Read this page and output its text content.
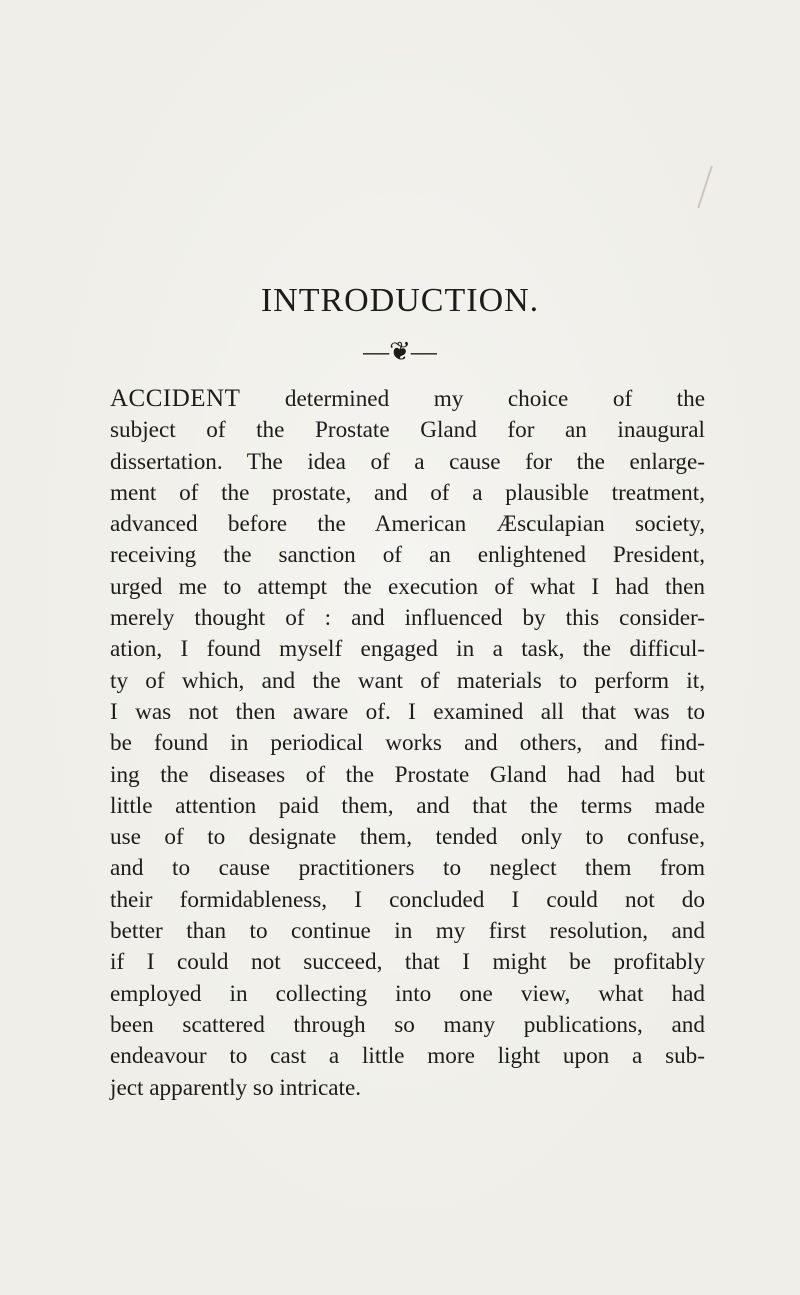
INTRODUCTION.
—❦—

ACCIDENT determined my choice of the
subject of the Prostate Gland for an inaugural
dissertation. The idea of a cause for the enlarge-
ment of the prostate, and of a plausible treatment,
advanced before the American Æsculapian society,
receiving the sanction of an enlightened President,
urged me to attempt the execution of what I had then
merely thought of : and influenced by this consider-
ation, I found myself engaged in a task, the difficul-
ty of which, and the want of materials to perform it,
I was not then aware of. I examined all that was to
be found in periodical works and others, and find-
ing the diseases of the Prostate Gland had had but
little attention paid them, and that the terms made
use of to designate them, tended only to confuse,
and to cause practitioners to neglect them from
their formidableness, I concluded I could not do
better than to continue in my first resolution, and
if I could not succeed, that I might be profitably
employed in collecting into one view, what had
been scattered through so many publications, and
endeavour to cast a little more light upon a sub-
ject apparently so intricate.
